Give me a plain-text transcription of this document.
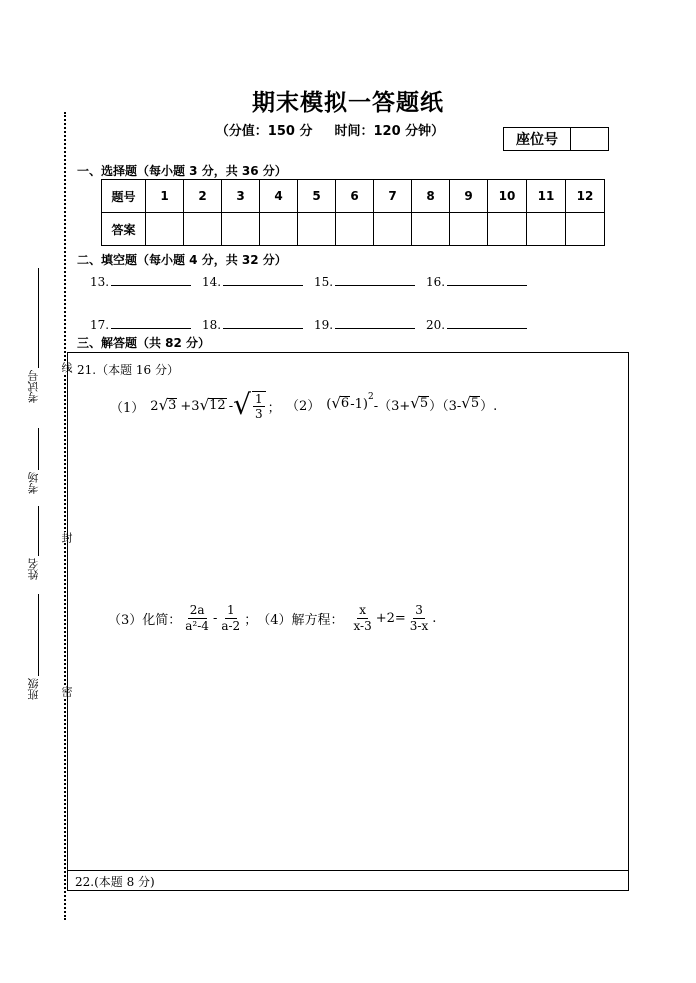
线
封
密
考试号
考场
姓名
班级
期末模拟一答题纸
（分值：150 分 　 时间：120 分钟）
座位号
一、选择题（每小题 3 分，共 36 分）
题号	1	2	3	4	5	6	7	8	9	10	11	12
答案												
二、填空题（每小题 4 分，共 32 分）
13.	14.	15.	16.
17.	18.	19.	20.
三、解答题（共 82 分）
21.（本题 16 分）
（1） 2 √ 3 +3 √ 12 - √ $\frac{1}{3}$ ； （2） ( √ 6 -1)$^2$
-（3+ √ 5 ）（3- √ 5 ）.
（3）化简： $\frac{2a}{\text{a²-4}} - \frac{1}{a-2}$ ； （4）解方程： $\frac{x}{x-3} +2= \frac{3}{3-x}$ .
22.(本题 8 分)
